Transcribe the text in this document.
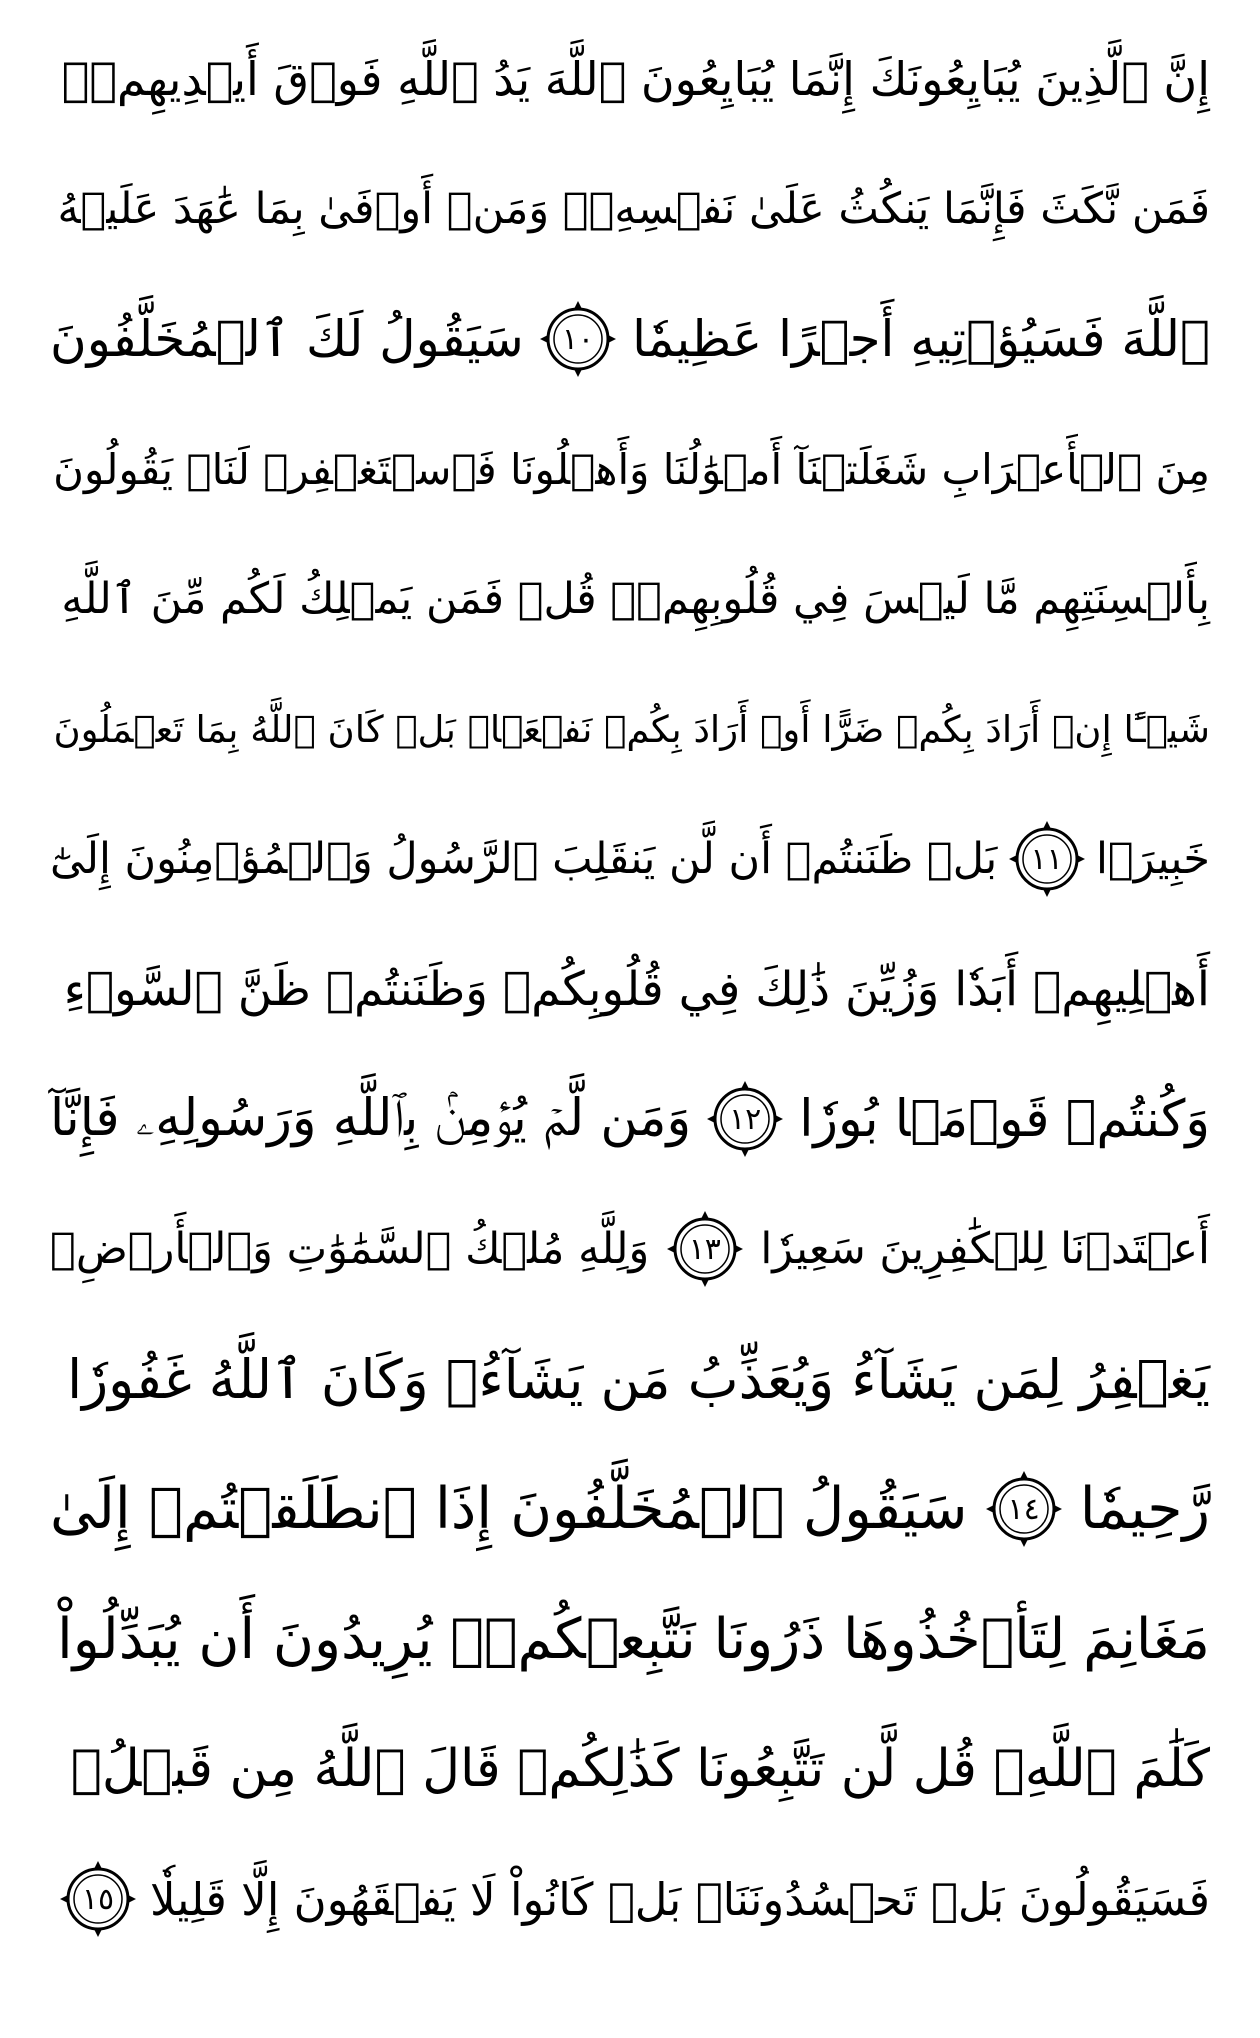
إِنَّ ٱلَّذِينَ يُبَايِعُونَكَ إِنَّمَا يُبَايِعُونَ ٱللَّهَ يَدُ ٱللَّهِ فَوۡقَ أَيۡدِيهِمۡۚ
فَمَن نَّكَثَ فَإِنَّمَا يَنكُثُ عَلَىٰ نَفۡسِهِۦۖ وَمَنۡ أَوۡفَىٰ بِمَا عَٰهَدَ عَلَيۡهُ
ٱللَّهَ فَسَيُؤۡتِيهِ أَجۡرًا عَظِيمٗا
١٠
سَيَقُولُ لَكَ ٱلۡمُخَلَّفُونَ
مِنَ ٱلۡأَعۡرَابِ شَغَلَتۡنَآ أَمۡوَٰلُنَا وَأَهۡلُونَا فَٱسۡتَغۡفِرۡ لَنَاۚ يَقُولُونَ
بِأَلۡسِنَتِهِم مَّا لَيۡسَ فِي قُلُوبِهِمۡۚ قُلۡ فَمَن يَمۡلِكُ لَكُم مِّنَ ٱللَّهِ
شَيۡـًٔا إِنۡ أَرَادَ بِكُمۡ ضَرًّا أَوۡ أَرَادَ بِكُمۡ نَفۡعَۢاۚ بَلۡ كَانَ ٱللَّهُ بِمَا تَعۡمَلُونَ
خَبِيرَۢا
١١
بَلۡ ظَنَنتُمۡ أَن لَّن يَنقَلِبَ ٱلرَّسُولُ وَٱلۡمُؤۡمِنُونَ إِلَىٰٓ
أَهۡلِيهِمۡ أَبَدٗا وَزُيِّنَ ذَٰلِكَ فِي قُلُوبِكُمۡ وَظَنَنتُمۡ ظَنَّ ٱلسَّوۡءِ
وَكُنتُمۡ قَوۡمَۢا بُورٗا
١٢
وَمَن لَّمۡ يُؤۡمِنۢ بِٱللَّهِ وَرَسُولِهِۦ فَإِنَّآ
أَعۡتَدۡنَا لِلۡكَٰفِرِينَ سَعِيرٗا
١٣
وَلِلَّهِ مُلۡكُ ٱلسَّمَٰوَٰتِ وَٱلۡأَرۡضِۚ
يَغۡفِرُ لِمَن يَشَآءُ وَيُعَذِّبُ مَن يَشَآءُۚ وَكَانَ ٱللَّهُ غَفُورٗا
رَّحِيمٗا
١٤
سَيَقُولُ ٱلۡمُخَلَّفُونَ إِذَا ٱنطَلَقۡتُمۡ إِلَىٰ
مَغَانِمَ لِتَأۡخُذُوهَا ذَرُونَا نَتَّبِعۡكُمۡۖ يُرِيدُونَ أَن يُبَدِّلُواْ
كَلَٰمَ ٱللَّهِۚ قُل لَّن تَتَّبِعُونَا كَذَٰلِكُمۡ قَالَ ٱللَّهُ مِن قَبۡلُۖ
فَسَيَقُولُونَ بَلۡ تَحۡسُدُونَنَاۚ بَلۡ كَانُواْ لَا يَفۡقَهُونَ إِلَّا قَلِيلٗا
١٥
